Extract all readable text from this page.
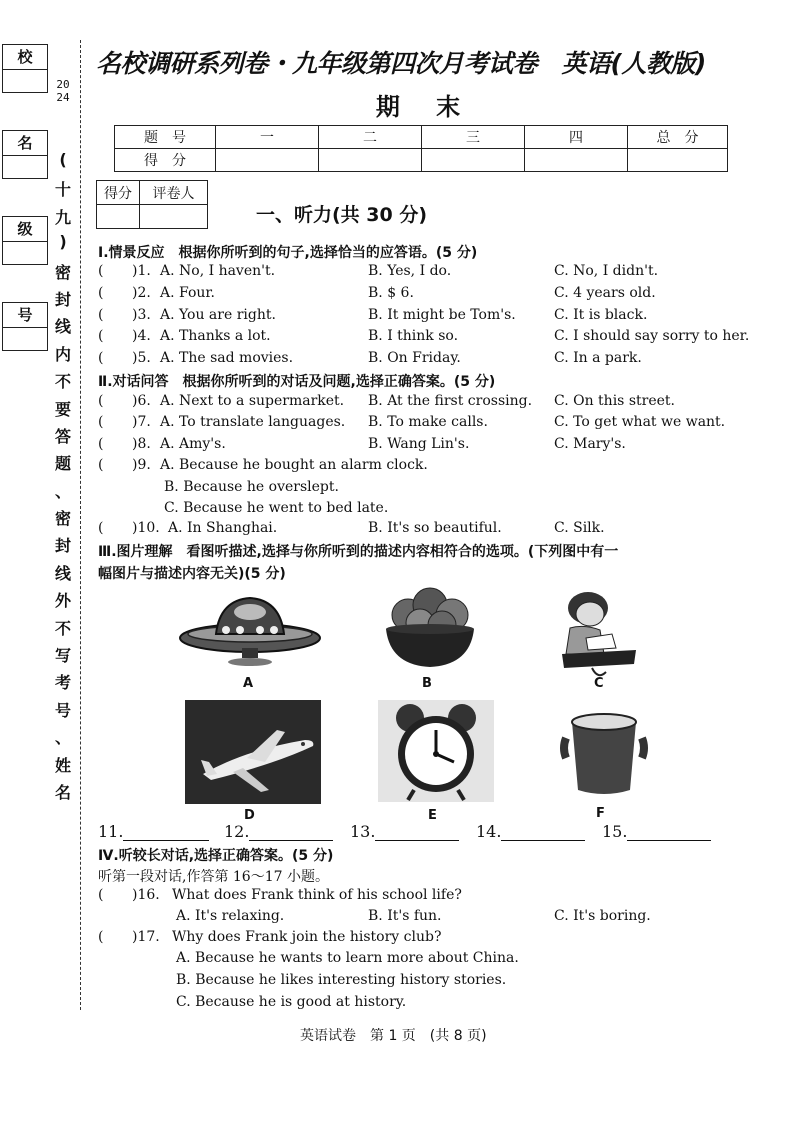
校
名
级
号
2024
(
十
九
)
密
封
线
内
不
要
答
题
、
密
封
线
外
不
写
考
号
、
姓
名
名校调研系列卷・九年级第四次月考试卷　英语(人教版)
期 末
题　号	一	二	三	四	总　分
得　分					
得分	评卷人

一、听力(共 30 分)
Ⅰ.情景反应　根据你所听到的句子,选择恰当的应答语。(5 分)
( )1. A. No, I haven't.	B. Yes, I do.	C. No, I didn't.
( )2. A. Four.	B. $ 6.	C. 4 years old.
( )3. A. You are right.	B. It might be Tom's.	C. It is black.
( )4. A. Thanks a lot.	B. I think so.	C. I should say sorry to her.
( )5. A. The sad movies.	B. On Friday.	C. In a park.
Ⅱ.对话问答　根据你所听到的对话及问题,选择正确答案。(5 分)
( )6. A. Next to a supermarket. B. At the first crossing. C. On this street.
( )7. A. To translate languages. B. To make calls.	C. To get what we want.
( )8. A. Amy's.	B. Wang Lin's.	C. Mary's.
( )9. A. Because he bought an alarm clock.
B. Because he overslept.
C. Because he went to bed late.
( )10. A. In Shanghai.	B. It's so beautiful.	C. Silk.
Ⅲ.图片理解　看图听描述,选择与你所听到的描述内容相符合的选项。(下列图中有一
幅图片与描述内容无关)(5 分)
A	B	C
D	E	F
11.	12.	13.	14.	15.
Ⅳ.听较长对话,选择正确答案。(5 分)
听第一段对话,作答第 16～17 小题。
( )16. What does Frank think of his school life?
A. It's relaxing.	B. It's fun.	C. It's boring.
( )17. Why does Frank join the history club?
A. Because he wants to learn more about China.
B. Because he likes interesting history stories.
C. Because he is good at history.
英语试卷　第 1 页　(共 8 页)
